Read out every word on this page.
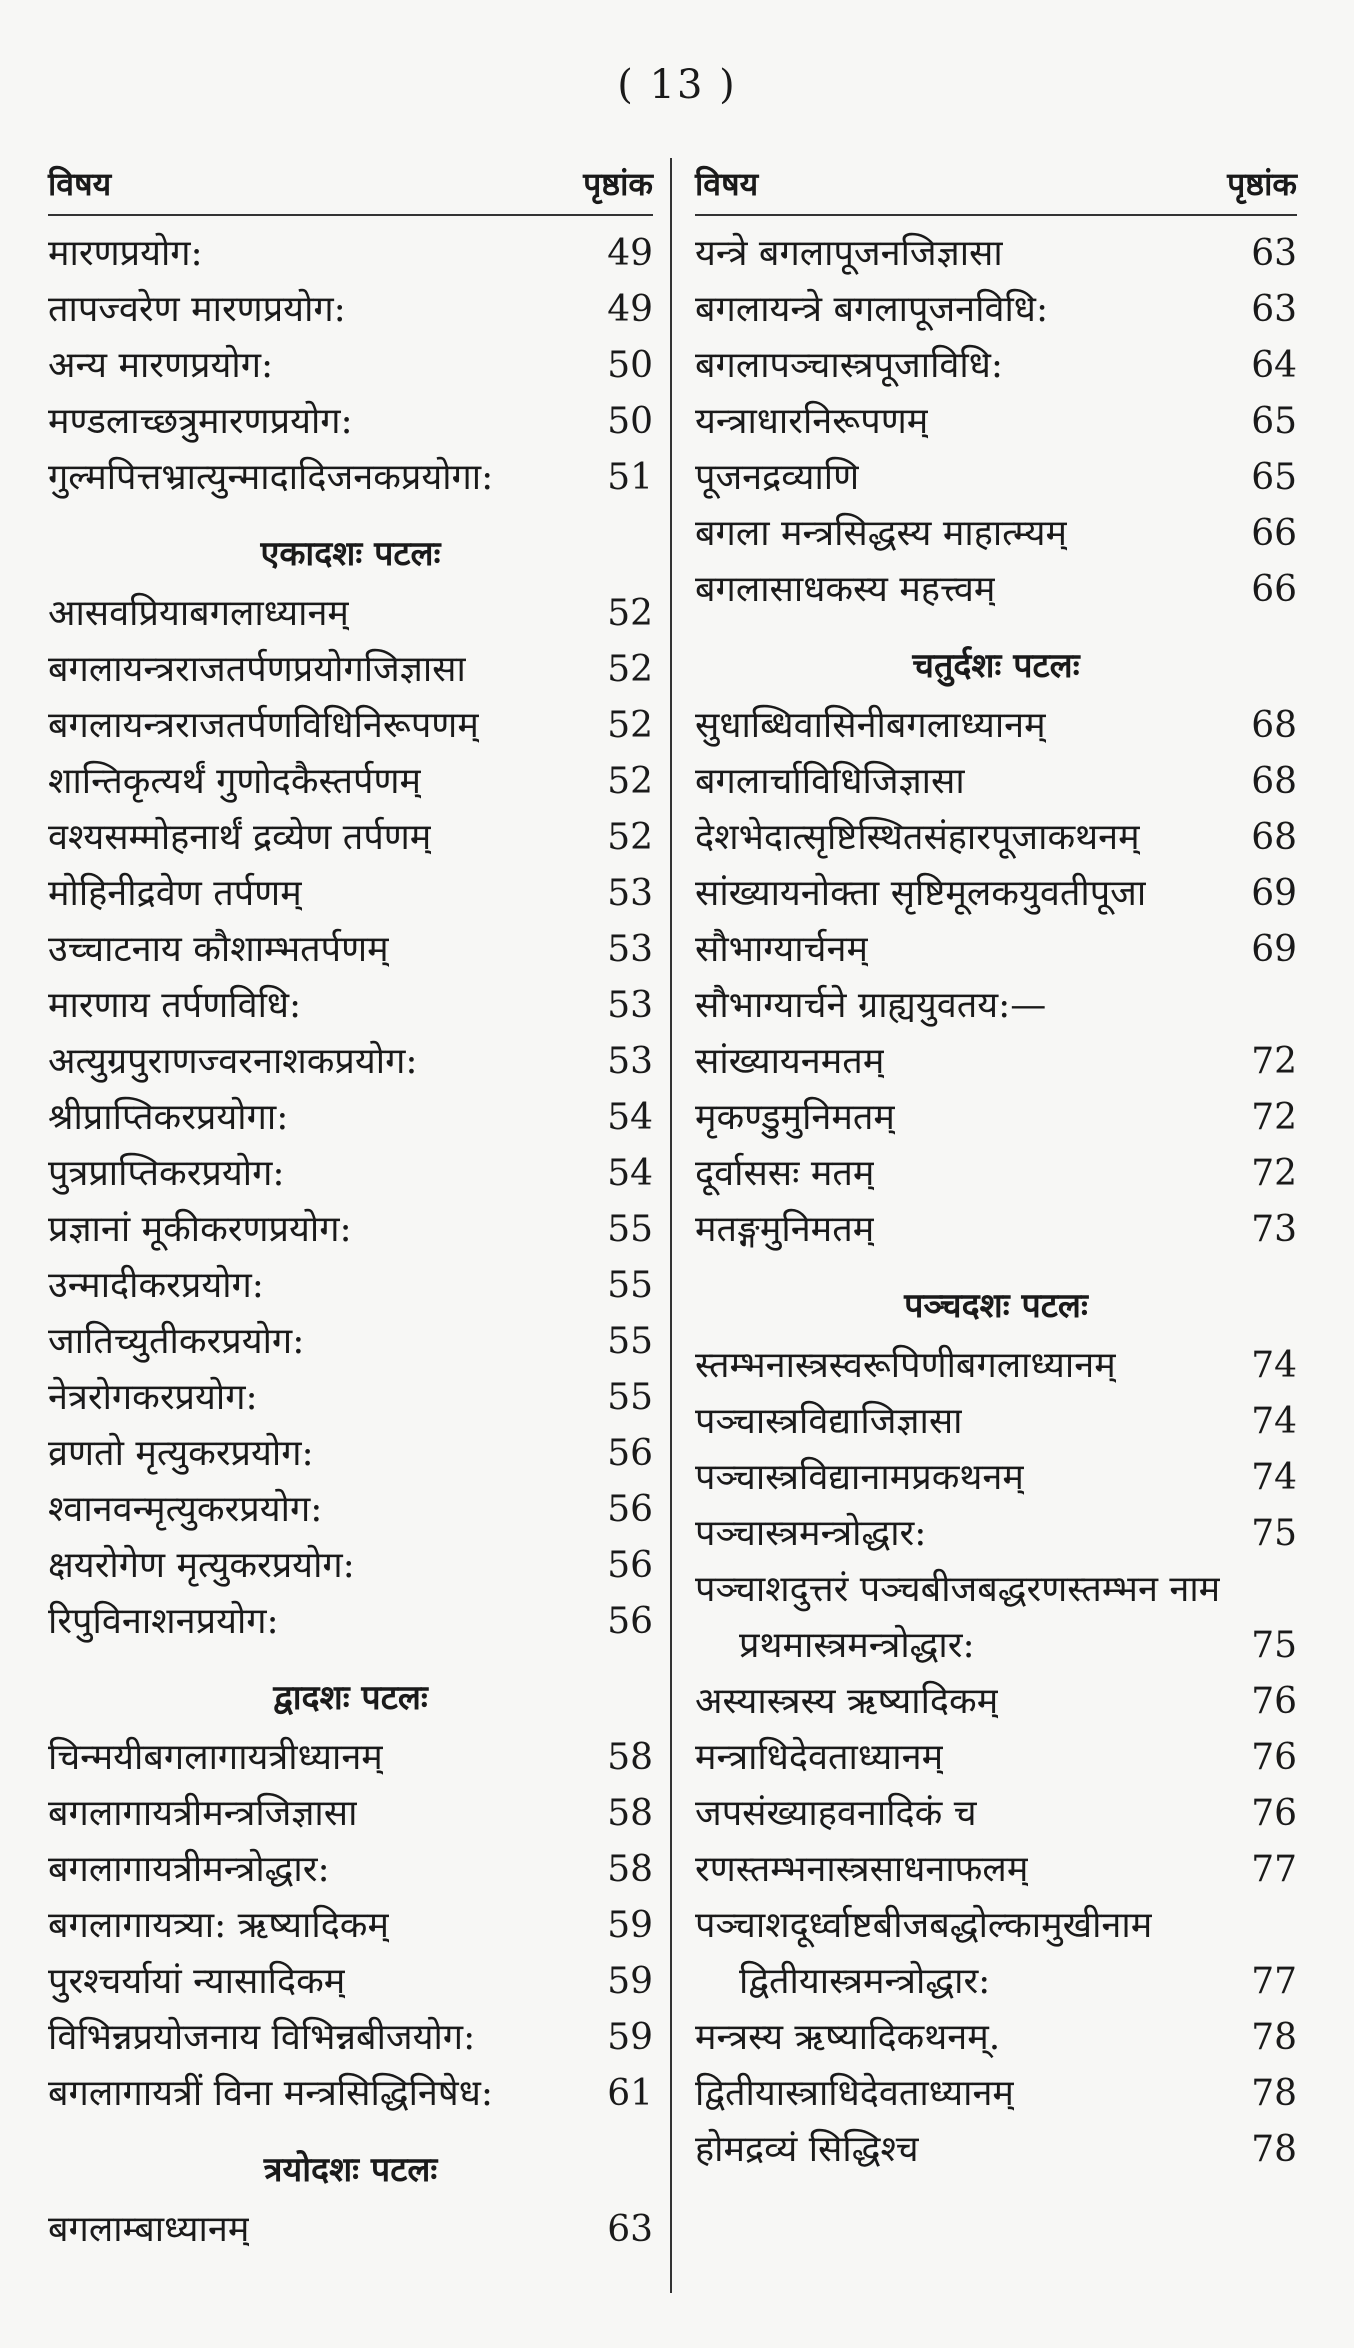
( 13 )
विषय	पृष्ठांक
मारणप्रयोग:	49
तापज्वरेण मारणप्रयोग:	49
अन्य मारणप्रयोग:	50
मण्डलाच्छत्रुमारणप्रयोग:	50
गुल्मपित्तभ्रात्युन्मादादिजनकप्रयोगा:	51
एकादशः पटलः
आसवप्रियाबगलाध्यानम्	52
बगलायन्त्रराजतर्पणप्रयोगजिज्ञासा	52
बगलायन्त्रराजतर्पणविधिनिरूपणम्	52
शान्तिकृत्यर्थं गुणोदकैस्तर्पणम्	52
वश्यसम्मोहनार्थं द्रव्येण तर्पणम्	52
मोहिनीद्रवेण तर्पणम्	53
उच्चाटनाय कौशाम्भतर्पणम्	53
मारणाय तर्पणविधि:	53
अत्युग्रपुराणज्वरनाशकप्रयोग:	53
श्रीप्राप्तिकरप्रयोगा:	54
पुत्रप्राप्तिकरप्रयोग:	54
प्रज्ञानां मूकीकरणप्रयोग:	55
उन्मादीकरप्रयोग:	55
जातिच्युतीकरप्रयोग:	55
नेत्ररोगकरप्रयोग:	55
व्रणतो मृत्युकरप्रयोग:	56
श्वानवन्मृत्युकरप्रयोग:	56
क्षयरोगेण मृत्युकरप्रयोग:	56
रिपुविनाशनप्रयोग:	56
द्वादशः पटलः
चिन्मयीबगलागायत्रीध्यानम्	58
बगलागायत्रीमन्त्रजिज्ञासा	58
बगलागायत्रीमन्त्रोद्धार:	58
बगलागायत्र्या: ऋष्यादिकम्	59
पुरश्चर्यायां न्यासादिकम्	59
विभिन्नप्रयोजनाय विभिन्नबीजयोग:	59
बगलागायत्रीं विना मन्त्रसिद्धिनिषेध:	61
त्रयोदशः पटलः
बगलाम्बाध्यानम्	63
विषय	पृष्ठांक
यन्त्रे बगलापूजनजिज्ञासा	63
बगलायन्त्रे बगलापूजनविधि:	63
बगलापञ्चास्त्रपूजाविधि:	64
यन्त्राधारनिरूपणम्	65
पूजनद्रव्याणि	65
बगला मन्त्रसिद्धस्य माहात्म्यम्	66
बगलासाधकस्य महत्त्वम्	66
चतुर्दशः पटलः
सुधाब्धिवासिनीबगलाध्यानम्	68
बगलार्चाविधिजिज्ञासा	68
देशभेदात्सृष्टिस्थितसंहारपूजाकथनम्	68
सांख्यायनोक्ता सृष्टिमूलकयुवतीपूजा	69
सौभाग्यार्चनम्	69
सौभाग्यार्चने ग्राह्ययुवतय:—
सांख्यायनमतम्	72
मृकण्डुमुनिमतम्	72
दूर्वाससः मतम्	72
मतङ्गमुनिमतम्	73
पञ्चदशः पटलः
स्तम्भनास्त्रस्वरूपिणीबगलाध्यानम्	74
पञ्चास्त्रविद्याजिज्ञासा	74
पञ्चास्त्रविद्यानामप्रकथनम्	74
पञ्चास्त्रमन्त्रोद्धार:	75
पञ्चाशदुत्तरं पञ्चबीजबद्धरणस्तम्भन नाम
प्रथमास्त्रमन्त्रोद्धार:	75
अस्यास्त्रस्य ऋष्यादिकम्	76
मन्त्राधिदेवताध्यानम्	76
जपसंख्याहवनादिकं च	76
रणस्तम्भनास्त्रसाधनाफलम्	77
पञ्चाशदूर्ध्वाष्टबीजबद्धोल्कामुखीनाम
द्वितीयास्त्रमन्त्रोद्धार:	77
मन्त्रस्य ऋष्यादिकथनम्.	78
द्वितीयास्त्राधिदेवताध्यानम्	78
होमद्रव्यं सिद्धिश्च	78
